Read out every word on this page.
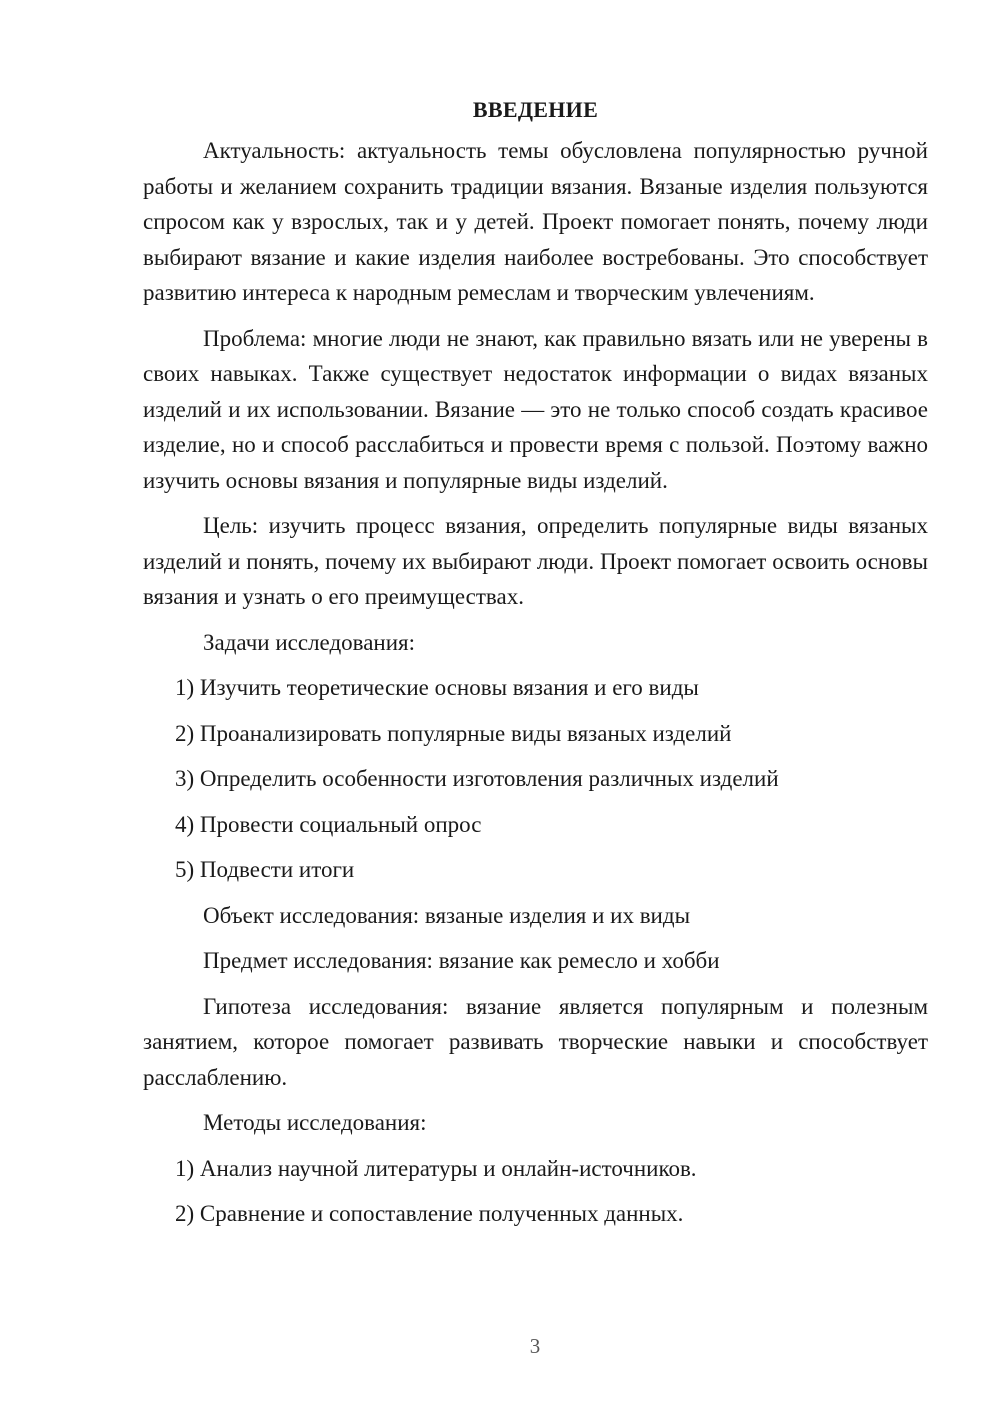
ВВЕДЕНИЕ

Актуальность: актуальность темы обусловлена популярностью ручной работы и желанием сохранить традиции вязания. Вязаные изделия пользуются спросом как у взрослых, так и у детей. Проект помогает понять, почему люди выбирают вязание и какие изделия наиболее востребованы. Это способствует развитию интереса к народным ремеслам и творческим увлечениям.

Проблема: многие люди не знают, как правильно вязать или не уверены в своих навыках. Также существует недостаток информации о видах вязаных изделий и их использовании. Вязание — это не только способ создать красивое изделие, но и способ расслабиться и провести время с пользой. Поэтому важно изучить основы вязания и популярные виды изделий.

Цель: изучить процесс вязания, определить популярные виды вязаных изделий и понять, почему их выбирают люди. Проект помогает освоить основы вязания и узнать о его преимуществах.

Задачи исследования:
1) Изучить теоретические основы вязания и его виды
2) Проанализировать популярные виды вязаных изделий
3) Определить особенности изготовления различных изделий
4) Провести социальный опрос
5) Подвести итоги
Объект исследования: вязаные изделия и их виды
Предмет исследования: вязание как ремесло и хобби

Гипотеза исследования: вязание является популярным и полезным занятием, которое помогает развивать творческие навыки и способствует расслаблению.

Методы исследования:
1) Анализ научной литературы и онлайн-источников.
2) Сравнение и сопоставление полученных данных.
3
